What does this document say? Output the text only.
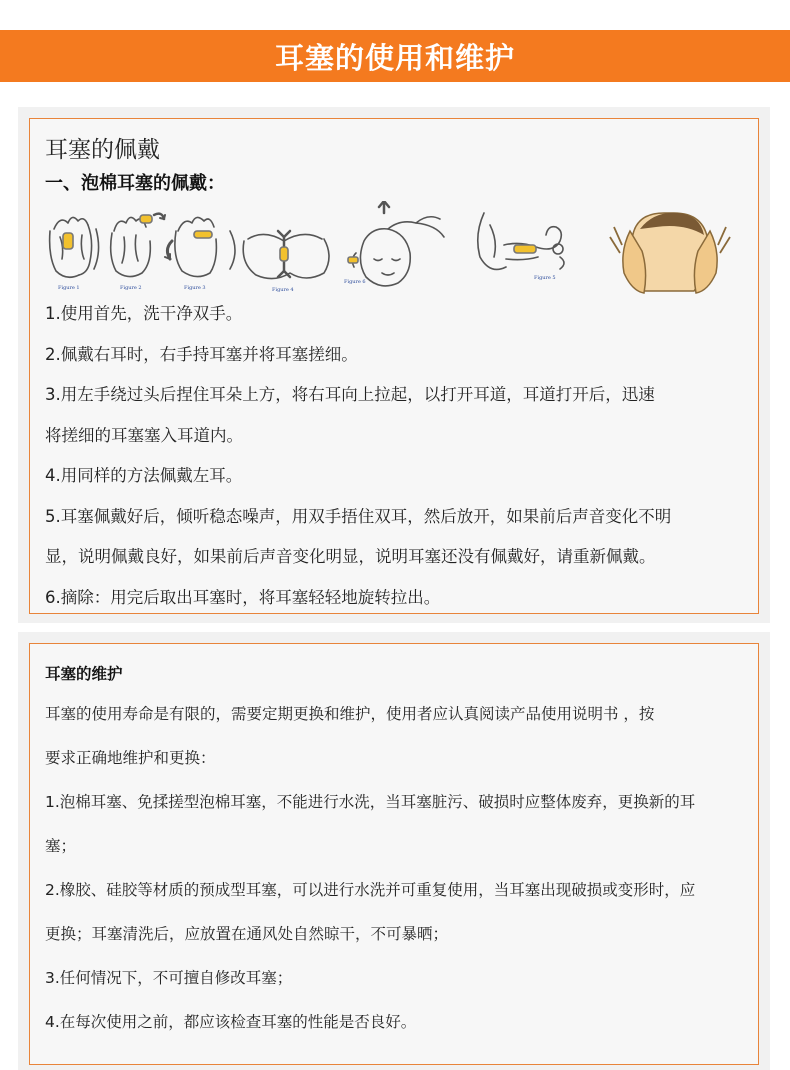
耳塞的使用和维护
耳塞的佩戴
一、泡棉耳塞的佩戴：
Figure 1	Figure 2	Figure 3	Figure 4
Figure 6
Figure 5

1.使用首先，洗干净双手。

2.佩戴右耳时，右手持耳塞并将耳塞搓细。

3.用左手绕过头后捏住耳朵上方，将右耳向上拉起，以打开耳道，耳道打开后，迅速

将搓细的耳塞塞入耳道内。

4.用同样的方法佩戴左耳。

5.耳塞佩戴好后，倾听稳态噪声，用双手捂住双耳，然后放开，如果前后声音变化不明

显，说明佩戴良好，如果前后声音变化明显，说明耳塞还没有佩戴好，请重新佩戴。

6.摘除：用完后取出耳塞时，将耳塞轻轻地旋转拉出。

耳塞的维护

耳塞的使用寿命是有限的，需要定期更换和维护，使用者应认真阅读产品使用说明书 ，按

要求正确地维护和更换：

1.泡棉耳塞、免揉搓型泡棉耳塞，不能进行水洗，当耳塞脏污、破损时应整体废弃，更换新的耳

塞；

2.橡胶、硅胶等材质的预成型耳塞，可以进行水洗并可重复使用，当耳塞出现破损或变形时，应

更换；耳塞清洗后，应放置在通风处自然晾干，不可暴晒；

3.任何情况下，不可擅自修改耳塞；

4.在每次使用之前，都应该检查耳塞的性能是否良好。
